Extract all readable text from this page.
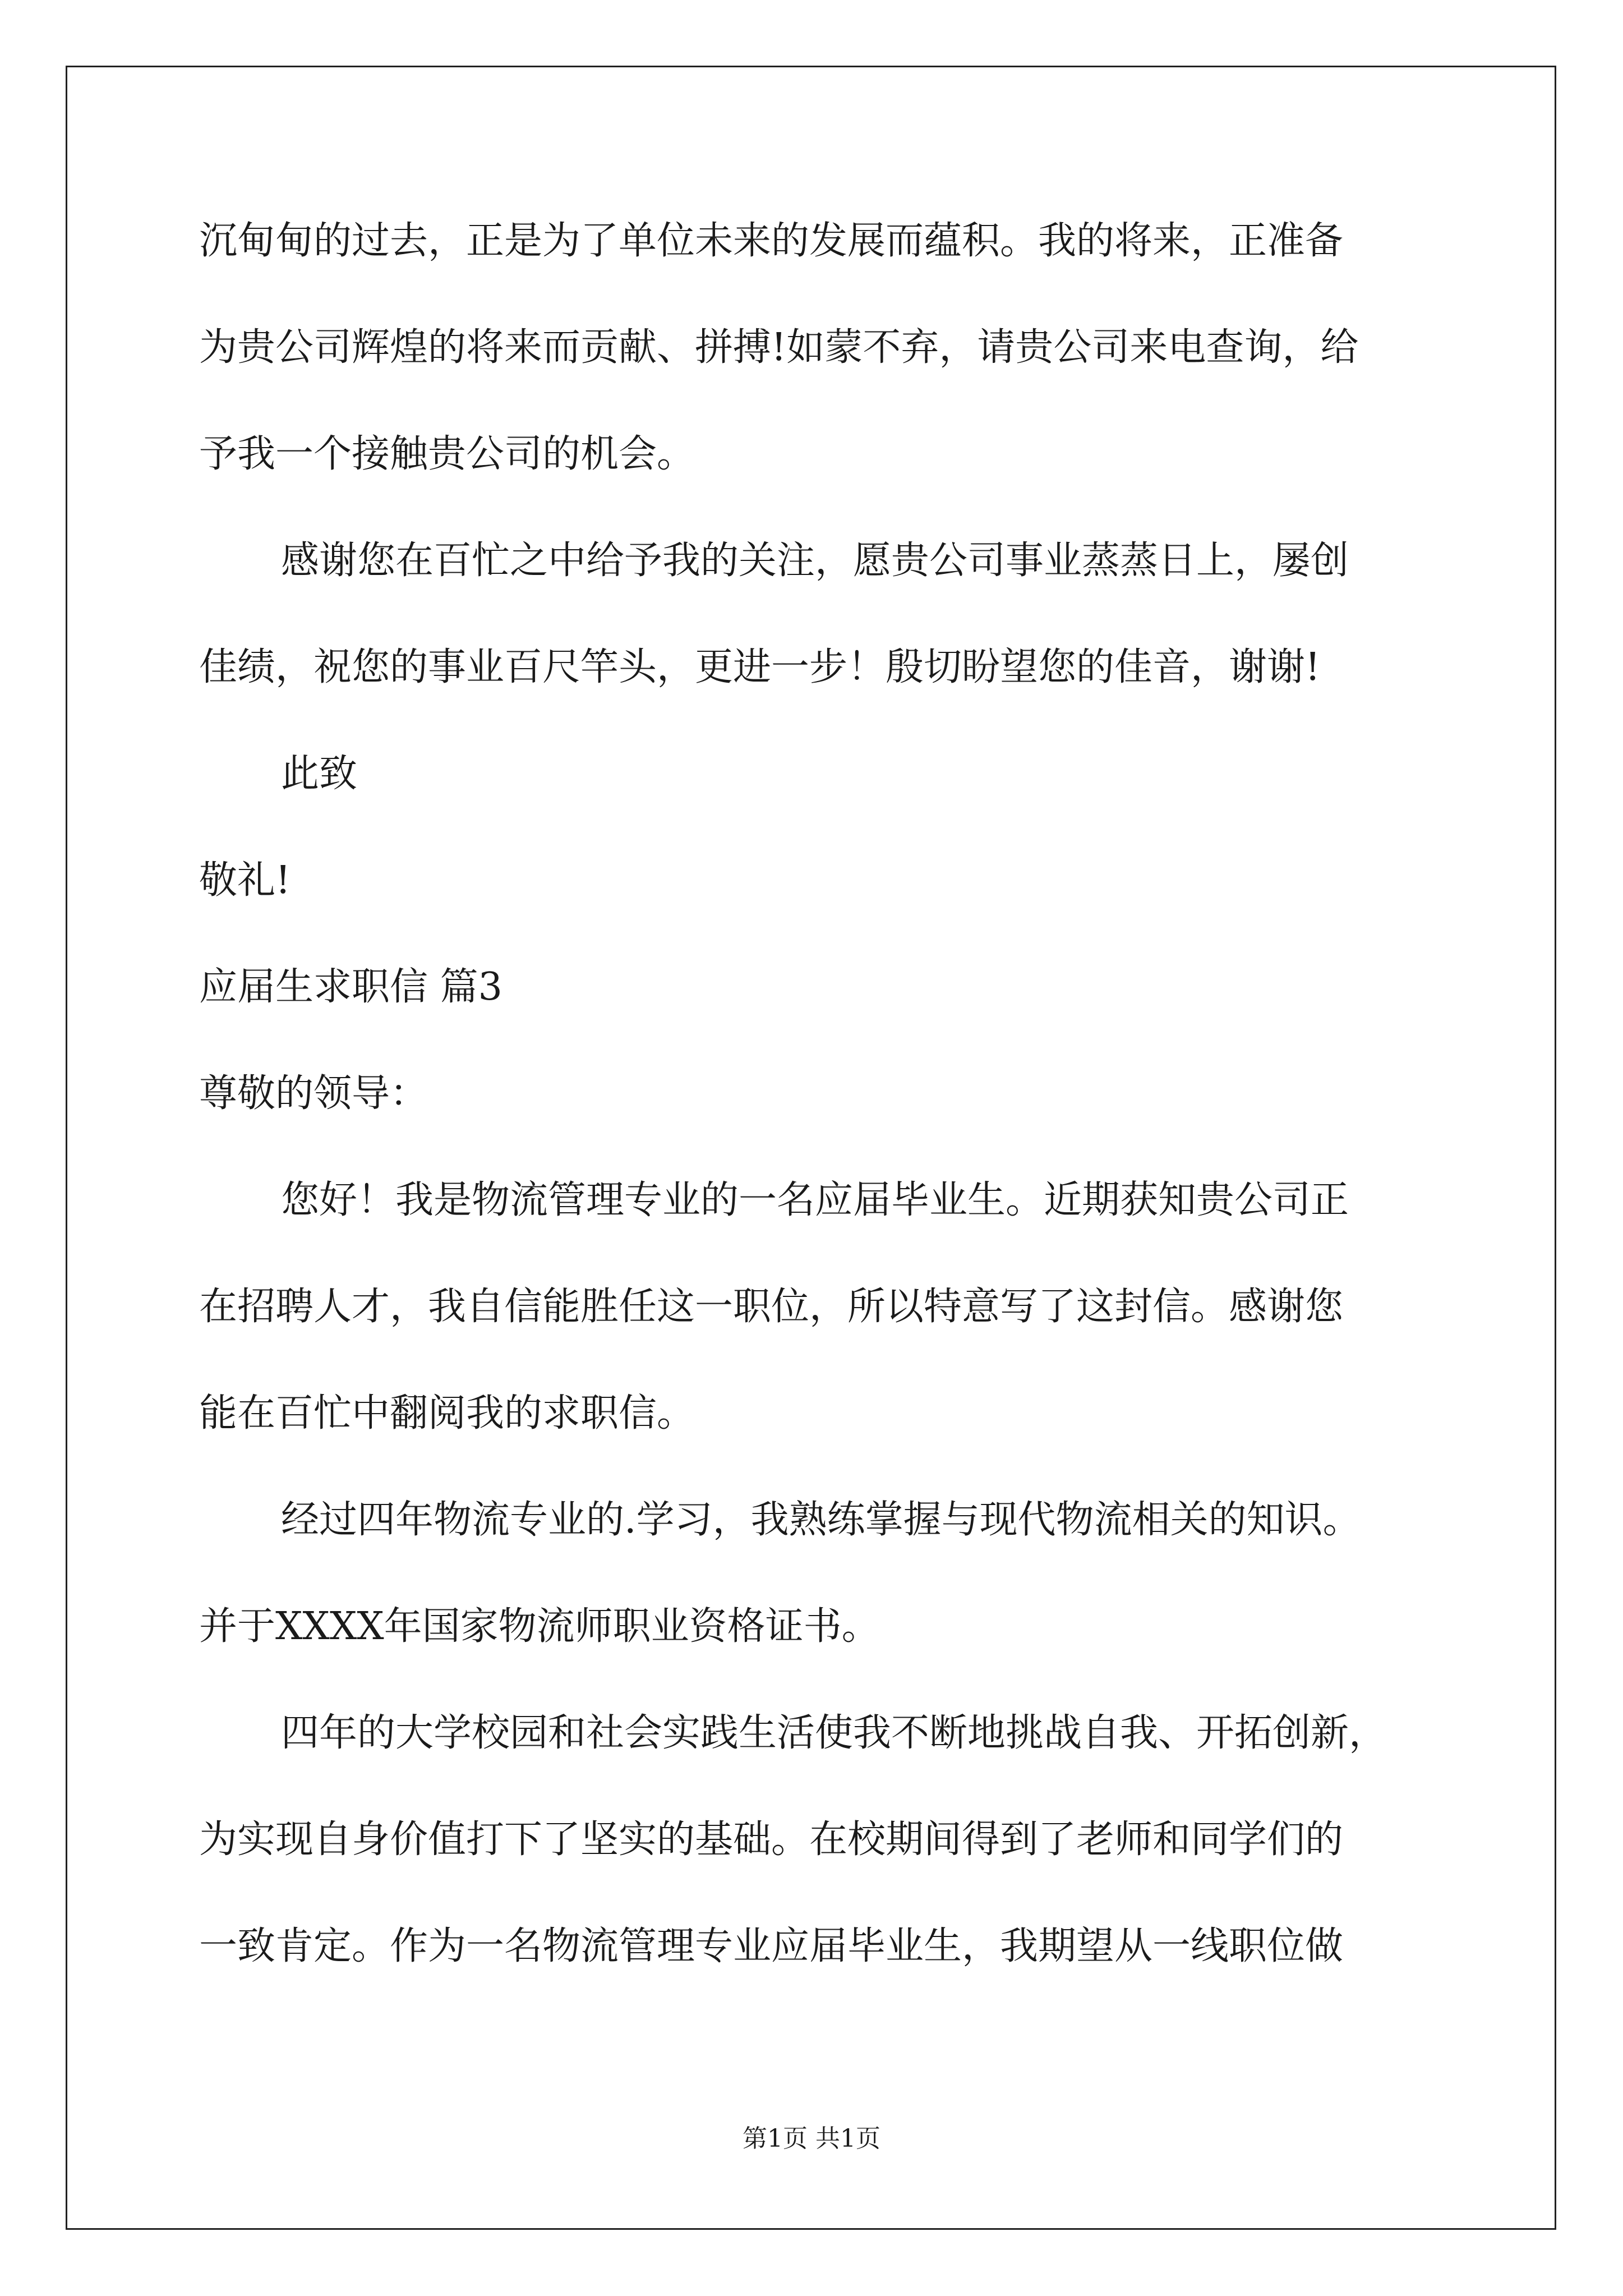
沉甸甸的过去，正是为了单位未来的发展而蕴积。我的将来，正准备
为贵公司辉煌的将来而贡献、拼搏!如蒙不弃，请贵公司来电查询，给
予我一个接触贵公司的机会。
感谢您在百忙之中给予我的关注，愿贵公司事业蒸蒸日上，屡创
佳绩，祝您的事业百尺竿头，更进一步！殷切盼望您的佳音，谢谢!
此致
敬礼!
应届生求职信 篇3
尊敬的领导：
您好！我是物流管理专业的一名应届毕业生。近期获知贵公司正
在招聘人才，我自信能胜任这一职位，所以特意写了这封信。感谢您
能在百忙中翻阅我的求职信。
经过四年物流专业的.学习，我熟练掌握与现代物流相关的知识。
并于XXXX年国家物流师职业资格证书。
四年的大学校园和社会实践生活使我不断地挑战自我、开拓创新，
为实现自身价值打下了坚实的基础。在校期间得到了老师和同学们的
一致肯定。作为一名物流管理专业应届毕业生，我期望从一线职位做
第1页 共1页
